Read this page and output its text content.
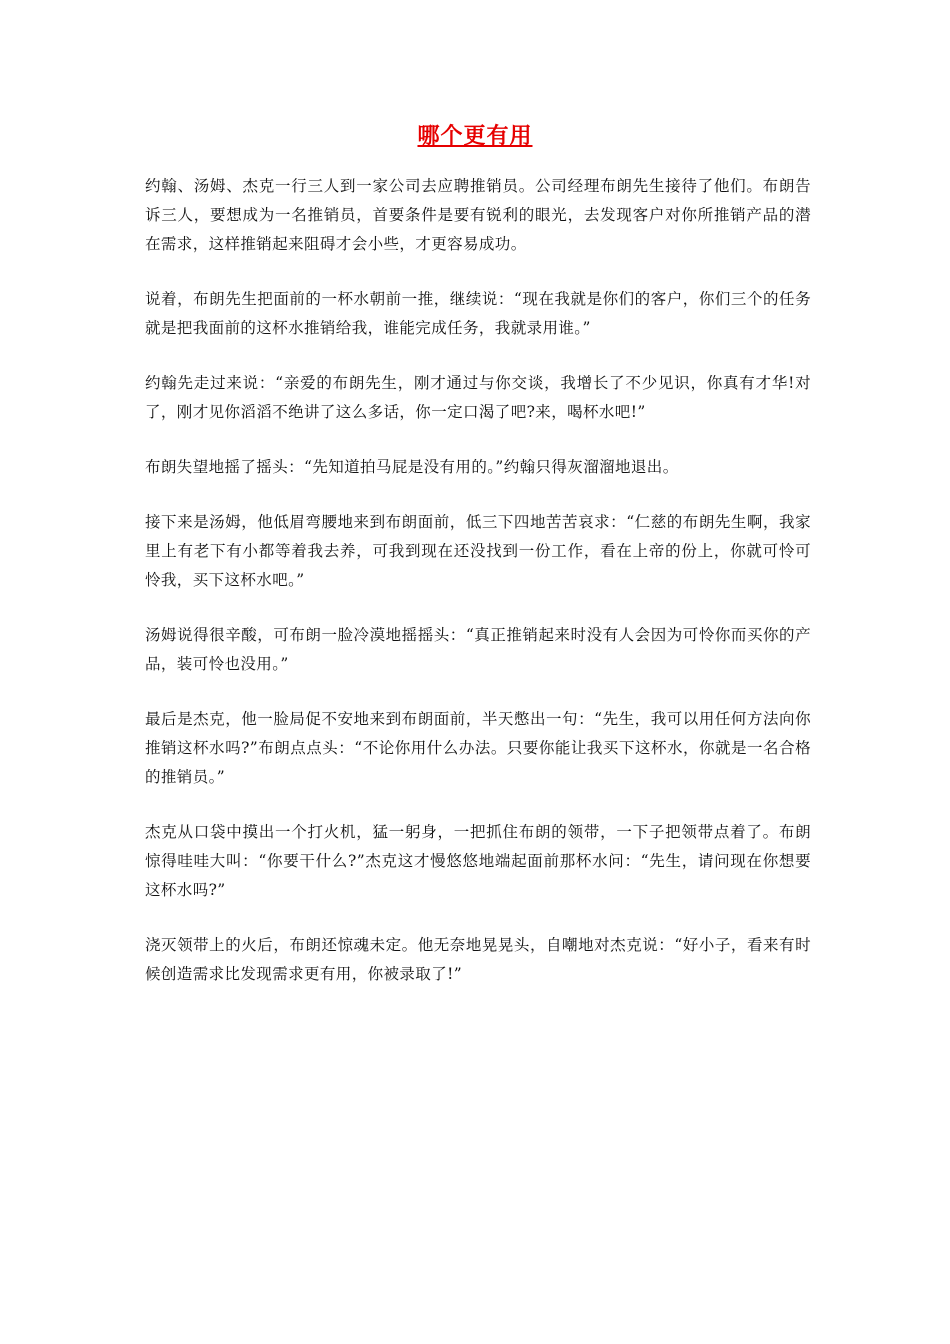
哪个更有用

约翰、汤姆、杰克一行三人到一家公司去应聘推销员。公司经理布朗先生接待了他们。布朗告诉三人，要想成为一名推销员，首要条件是要有锐利的眼光，去发现客户对你所推销产品的潜在需求，这样推销起来阻碍才会小些，才更容易成功。

说着，布朗先生把面前的一杯水朝前一推，继续说：“现在我就是你们的客户，你们三个的任务就是把我面前的这杯水推销给我，谁能完成任务，我就录用谁。”

约翰先走过来说：“亲爱的布朗先生，刚才通过与你交谈，我增长了不少见识，你真有才华!对了，刚才见你滔滔不绝讲了这么多话，你一定口渴了吧?来，喝杯水吧!”

布朗失望地摇了摇头：“先知道拍马屁是没有用的。”约翰只得灰溜溜地退出。

接下来是汤姆，他低眉弯腰地来到布朗面前，低三下四地苦苦哀求：“仁慈的布朗先生啊，我家里上有老下有小都等着我去养，可我到现在还没找到一份工作，看在上帝的份上，你就可怜可怜我，买下这杯水吧。”

汤姆说得很辛酸，可布朗一脸冷漠地摇摇头：“真正推销起来时没有人会因为可怜你而买你的产品，装可怜也没用。”

最后是杰克，他一脸局促不安地来到布朗面前，半天憋出一句：“先生，我可以用任何方法向你推销这杯水吗?”布朗点点头：“不论你用什么办法。只要你能让我买下这杯水，你就是一名合格的推销员。”

杰克从口袋中摸出一个打火机，猛一躬身，一把抓住布朗的领带，一下子把领带点着了。布朗惊得哇哇大叫：“你要干什么?”杰克这才慢悠悠地端起面前那杯水问：“先生，请问现在你想要这杯水吗?”

浇灭领带上的火后，布朗还惊魂未定。他无奈地晃晃头，自嘲地对杰克说：“好小子，看来有时候创造需求比发现需求更有用，你被录取了!”
